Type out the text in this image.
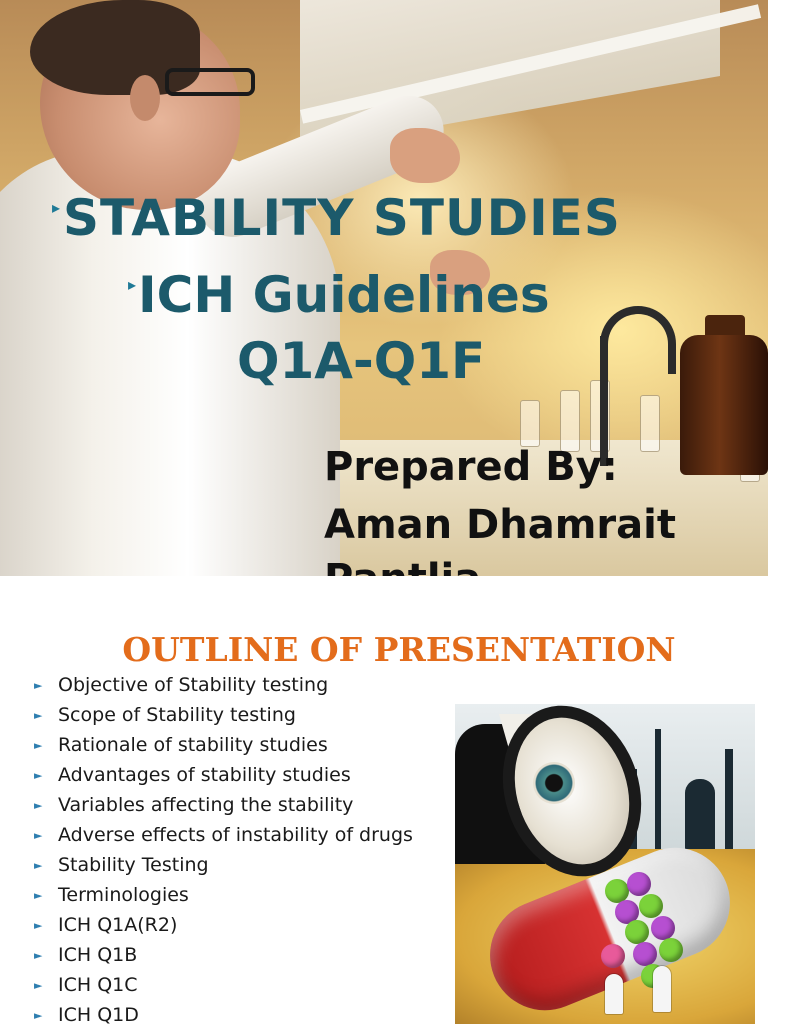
▸STABILITY STUDIES
▸ICH Guidelines
Q1A-Q1F
Prepared By:
Aman Dhamrait
OUTLINE OF PRESENTATION
► Objective of Stability testing
► Scope of Stability testing
► Rationale of stability studies
► Advantages of stability studies
► Variables affecting the stability
► Adverse effects of instability of drugs
► Stability Testing
► Terminologies
► ICH Q1A(R2)
► ICH Q1B
► ICH Q1C
► ICH Q1D
